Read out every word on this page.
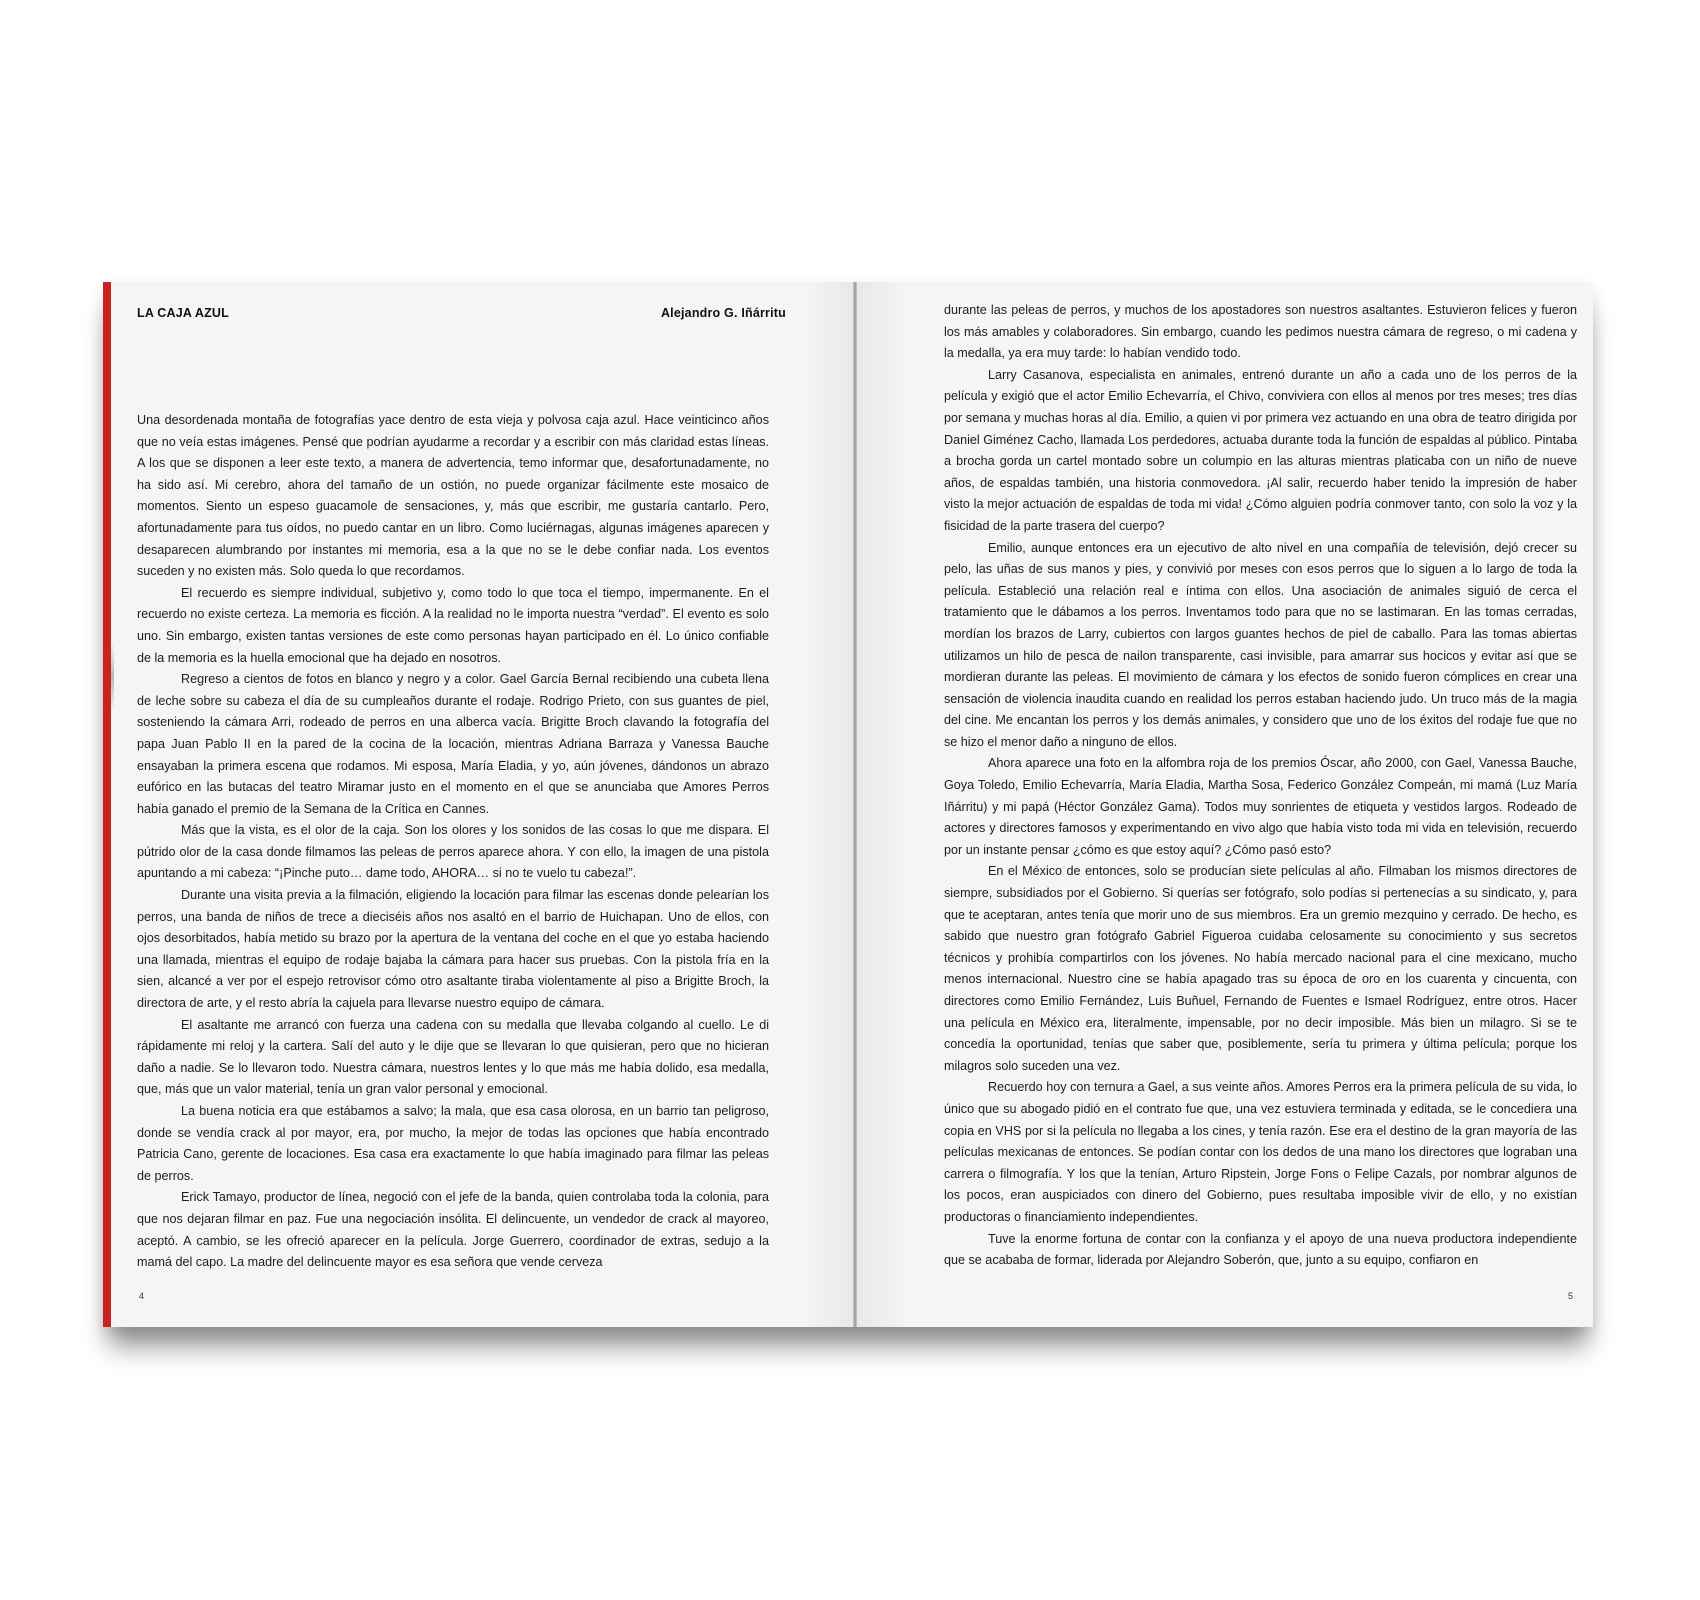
LA CAJA AZUL	Alejandro G. Iñárritu

Una desordenada montaña de fotografías yace dentro de esta vieja y polvosa caja azul. Hace veinticinco años que no veía estas imágenes. Pensé que podrían ayudarme a recordar y a escribir con más claridad estas líneas. A los que se disponen a leer este texto, a manera de advertencia, temo informar que, desafortunadamente, no ha sido así. Mi cerebro, ahora del tamaño de un ostión, no puede organizar fácilmente este mosaico de momentos. Siento un espeso guacamole de sensaciones, y, más que escribir, me gustaría cantarlo. Pero, afortunadamente para tus oídos, no puedo cantar en un libro. Como luciérnagas, algunas imágenes aparecen y desaparecen alumbrando por instantes mi memoria, esa a la que no se le debe confiar nada. Los eventos suceden y no existen más. Solo queda lo que recordamos.

El recuerdo es siempre individual, subjetivo y, como todo lo que toca el tiempo, impermanente. En el recuerdo no existe certeza. La memoria es ficción. A la realidad no le importa nuestra “verdad”. El evento es solo uno. Sin embargo, existen tantas versiones de este como personas hayan participado en él. Lo único confiable de la memoria es la huella emocional que ha dejado en nosotros.

Regreso a cientos de fotos en blanco y negro y a color. Gael García Bernal recibiendo una cubeta llena de leche sobre su cabeza el día de su cumpleaños durante el rodaje. Rodrigo Prieto, con sus guantes de piel, sosteniendo la cámara Arri, rodeado de perros en una alberca vacía. Brigitte Broch clavando la fotografía del papa Juan Pablo II en la pared de la cocina de la locación, mientras Adriana Barraza y Vanessa Bauche ensayaban la primera escena que rodamos. Mi esposa, María Eladia, y yo, aún jóvenes, dándonos un abrazo eufórico en las butacas del teatro Miramar justo en el momento en el que se anunciaba que Amores Perros había ganado el premio de la Semana de la Crítica en Cannes.

Más que la vista, es el olor de la caja. Son los olores y los sonidos de las cosas lo que me dispara. El pútrido olor de la casa donde filmamos las peleas de perros aparece ahora. Y con ello, la imagen de una pistola apuntando a mi cabeza: “¡Pinche puto… dame todo, AHORA… si no te vuelo tu cabeza!”.

Durante una visita previa a la filmación, eligiendo la locación para filmar las escenas donde pelearían los perros, una banda de niños de trece a dieciséis años nos asaltó en el barrio de Huichapan. Uno de ellos, con ojos desorbitados, había metido su brazo por la apertura de la ventana del coche en el que yo estaba haciendo una llamada, mientras el equipo de rodaje bajaba la cámara para hacer sus pruebas. Con la pistola fría en la sien, alcancé a ver por el espejo retrovisor cómo otro asaltante tiraba violentamente al piso a Brigitte Broch, la directora de arte, y el resto abría la cajuela para llevarse nuestro equipo de cámara.

El asaltante me arrancó con fuerza una cadena con su medalla que llevaba colgando al cuello. Le di rápidamente mi reloj y la cartera. Salí del auto y le dije que se llevaran lo que quisieran, pero que no hicieran daño a nadie. Se lo llevaron todo. Nuestra cámara, nuestros lentes y lo que más me había dolido, esa medalla, que, más que un valor material, tenía un gran valor personal y emocional.

La buena noticia era que estábamos a salvo; la mala, que esa casa olorosa, en un barrio tan peligroso, donde se vendía crack al por mayor, era, por mucho, la mejor de todas las opciones que había encontrado Patricia Cano, gerente de locaciones. Esa casa era exactamente lo que había imaginado para filmar las peleas de perros.

Erick Tamayo, productor de línea, negoció con el jefe de la banda, quien controlaba toda la colonia, para que nos dejaran filmar en paz. Fue una negociación insólita. El delincuente, un vendedor de crack al mayoreo, aceptó. A cambio, se les ofreció aparecer en la película. Jorge Guerrero, coordinador de extras, sedujo a la mamá del capo. La madre del delincuente mayor es esa señora que vende cerveza

4

durante las peleas de perros, y muchos de los apostadores son nuestros asaltantes. Estuvieron felices y fueron los más amables y colaboradores. Sin embargo, cuando les pedimos nuestra cámara de regreso, o mi cadena y la medalla, ya era muy tarde: lo habían vendido todo.

Larry Casanova, especialista en animales, entrenó durante un año a cada uno de los perros de la película y exigió que el actor Emilio Echevarría, el Chivo, conviviera con ellos al menos por tres meses; tres días por semana y muchas horas al día. Emilio, a quien vi por primera vez actuando en una obra de teatro dirigida por Daniel Giménez Cacho, llamada Los perdedores, actuaba durante toda la función de espaldas al público. Pintaba a brocha gorda un cartel montado sobre un columpio en las alturas mientras platicaba con un niño de nueve años, de espaldas también, una historia conmovedora. ¡Al salir, recuerdo haber tenido la impresión de haber visto la mejor actuación de espaldas de toda mi vida! ¿Cómo alguien podría conmover tanto, con solo la voz y la fisicidad de la parte trasera del cuerpo?

Emilio, aunque entonces era un ejecutivo de alto nivel en una compañía de televisión, dejó crecer su pelo, las uñas de sus manos y pies, y convivió por meses con esos perros que lo siguen a lo largo de toda la película. Estableció una relación real e íntima con ellos. Una asociación de animales siguió de cerca el tratamiento que le dábamos a los perros. Inventamos todo para que no se lastimaran. En las tomas cerradas, mordían los brazos de Larry, cubiertos con largos guantes hechos de piel de caballo. Para las tomas abiertas utilizamos un hilo de pesca de nailon transparente, casi invisible, para amarrar sus hocicos y evitar así que se mordieran durante las peleas. El movimiento de cámara y los efectos de sonido fueron cómplices en crear una sensación de violencia inaudita cuando en realidad los perros estaban haciendo judo. Un truco más de la magia del cine. Me encantan los perros y los demás animales, y considero que uno de los éxitos del rodaje fue que no se hizo el menor daño a ninguno de ellos.

Ahora aparece una foto en la alfombra roja de los premios Óscar, año 2000, con Gael, Vanessa Bauche, Goya Toledo, Emilio Echevarría, María Eladia, Martha Sosa, Federico González Compeán, mi mamá (Luz María Iñárritu) y mi papá (Héctor González Gama). Todos muy sonrientes de etiqueta y vestidos largos. Rodeado de actores y directores famosos y experimentando en vivo algo que había visto toda mi vida en televisión, recuerdo por un instante pensar ¿cómo es que estoy aquí? ¿Cómo pasó esto?

En el México de entonces, solo se producían siete películas al año. Filmaban los mismos directores de siempre, subsidiados por el Gobierno. Si querías ser fotógrafo, solo podías si pertenecías a su sindicato, y, para que te aceptaran, antes tenía que morir uno de sus miembros. Era un gremio mezquino y cerrado. De hecho, es sabido que nuestro gran fotógrafo Gabriel Figueroa cuidaba celosamente su conocimiento y sus secretos técnicos y prohibía compartirlos con los jóvenes. No había mercado nacional para el cine mexicano, mucho menos internacional. Nuestro cine se había apagado tras su época de oro en los cuarenta y cincuenta, con directores como Emilio Fernández, Luis Buñuel, Fernando de Fuentes e Ismael Rodríguez, entre otros. Hacer una película en México era, literalmente, impensable, por no decir imposible. Más bien un milagro. Si se te concedía la oportunidad, tenías que saber que, posiblemente, sería tu primera y última película; porque los milagros solo suceden una vez.

Recuerdo hoy con ternura a Gael, a sus veinte años. Amores Perros era la primera película de su vida, lo único que su abogado pidió en el contrato fue que, una vez estuviera terminada y editada, se le concediera una copia en VHS por si la película no llegaba a los cines, y tenía razón. Ese era el destino de la gran mayoría de las películas mexicanas de entonces. Se podían contar con los dedos de una mano los directores que lograban una carrera o filmografía. Y los que la tenían, Arturo Ripstein, Jorge Fons o Felipe Cazals, por nombrar algunos de los pocos, eran auspiciados con dinero del Gobierno, pues resultaba imposible vivir de ello, y no existían productoras o financiamiento independientes.

Tuve la enorme fortuna de contar con la confianza y el apoyo de una nueva productora independiente que se acababa de formar, liderada por Alejandro Soberón, que, junto a su equipo, confiaron en

5
